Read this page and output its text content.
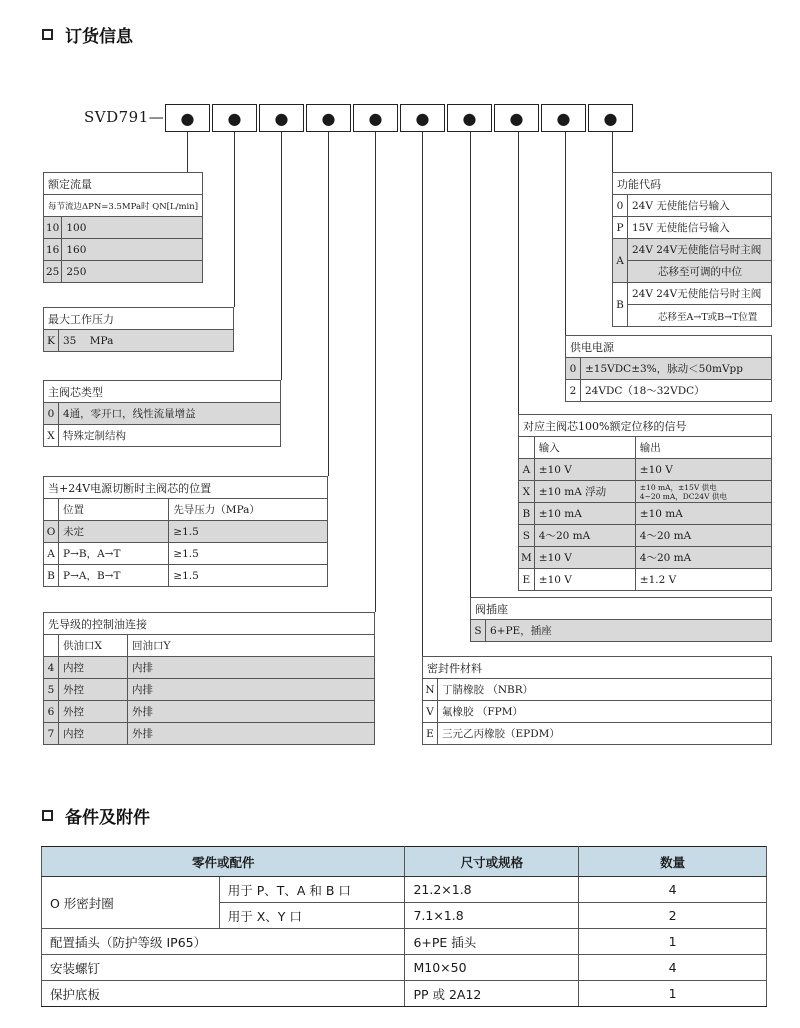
订货信息
SVD791— ● ● ● ● ● ● ● ● ● ●
额定流量	
每节流边ΔPN=3.5MPa时 QN[L/min]	
10	100
16	160
25	250
最大工作压力
K	35 MPa
主阀芯类型	
0	4通，零开口，线性流量增益
X	特殊定制结构
当+24V电源切断时主阀芯的位置		
	位置	先导压力（MPa）
O	未定	≥1.5
A	P→B，A→T	≥1.5
B	P→A，B→T	≥1.5
先导级的控制油连接		
	供油口X	回油口Y
4	内控	内排
5	外控	内排
6	外控	外排
7	内控	外排
功能代码	
0	24V 无使能信号输入
P	15V 无使能信号输入
A	24V 24V无使能信号时主阀
	芯移至可调的中位
B	24V 24V无使能信号时主阀
	芯移至A→T或B→T位置
供电电源	
0	±15VDC±3%，脉动＜50mVpp
2	24VDC（18～32VDC）
对应主阀芯100%额定位移的信号		
	输入	输出
A	±10 V	±10 V
X	±10 mA 浮动	±10 mA，±15V 供电
4~20 mA，DC24V 供电

B	±10 mA	±10 mA
S	4～20 mA	4～20 mA
M	±10 V	4～20 mA
E	±10 V	±1.2 V
阀插座
S	6+PE，插座
密封件材料	
N	丁腈橡胶 （NBR）
V	氟橡胶 （FPM）
E	三元乙丙橡胶（EPDM）
备件及附件
零件或配件		尺寸或规格	数量
O 形密封圈	用于 P、T、A 和 B 口	21.2×1.8	4
	用于 X、Y 口	7.1×1.8	2
配置插头（防护等级 IP65）		6+PE 插头	1
安装螺钉		M10×50	4
保护底板		PP 或 2A12	1
